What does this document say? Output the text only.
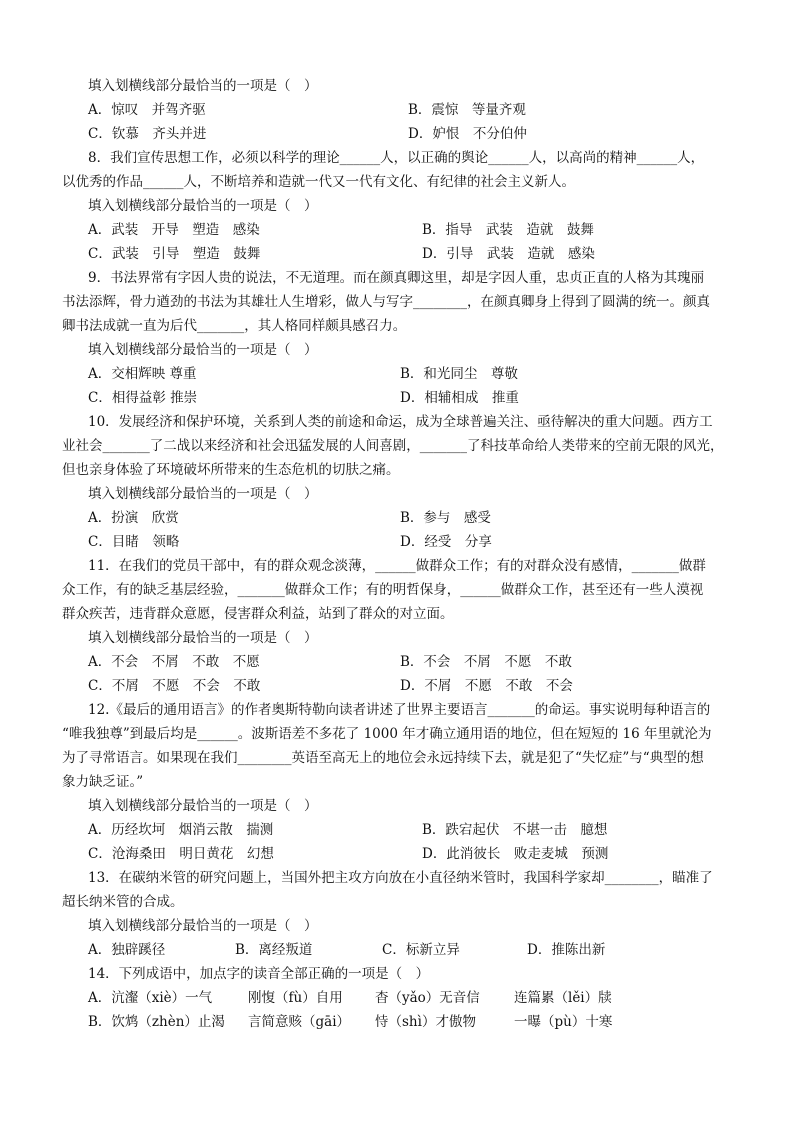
填入划横线部分最恰当的一项是（　）
A．惊叹　并驾齐驱	B．震惊　等量齐观
C．钦慕　齐头并进	D．妒恨　不分伯仲
8．我们宣传思想工作，必须以科学的理论______人，以正确的舆论______人，以高尚的精神______人，
以优秀的作品______人，不断培养和造就一代又一代有文化、有纪律的社会主义新人。
填入划横线部分最恰当的一项是（　）
A．武装　开导　塑造　感染	B．指导　武装　造就　鼓舞
C．武装　引导　塑造　鼓舞	D．引导　武装　造就　感染
9．书法界常有字因人贵的说法，不无道理。而在颜真卿这里，却是字因人重，忠贞正直的人格为其瑰丽
书法添辉，骨力遒劲的书法为其雄壮人生增彩，做人与写字________，在颜真卿身上得到了圆满的统一。颜真
卿书法成就一直为后代_______，其人格同样颇具感召力。
填入划横线部分最恰当的一项是（　）
A．交相辉映 尊重	B．和光同尘　尊敬
C．相得益彰 推崇	D．相辅相成　推重
10．发展经济和保护环境，关系到人类的前途和命运，成为全球普遍关注、亟待解决的重大问题。西方工
业社会_______了二战以来经济和社会迅猛发展的人间喜剧，_______了科技革命给人类带来的空前无限的风光，
但也亲身体验了环境破坏所带来的生态危机的切肤之痛。
填入划横线部分最恰当的一项是（　）
A．扮演　欣赏	B．参与　感受
C．目睹　领略	D．经受　分享
11．在我们的党员干部中，有的群众观念淡薄，______做群众工作；有的对群众没有感情，_______做群
众工作，有的缺乏基层经验，_______做群众工作；有的明哲保身，______做群众工作，甚至还有一些人漠视
群众疾苦，违背群众意愿，侵害群众利益，站到了群众的对立面。
填入划横线部分最恰当的一项是（　）
A．不会　不屑　不敢　不愿	B．不会　不屑　不愿　不敢
C．不屑　不愿　不会　不敢	D．不屑　不愿　不敢　不会
12.《最后的通用语言》的作者奥斯特勒向读者讲述了世界主要语言_______的命运。事实说明每种语言的
“唯我独尊”到最后均是______。波斯语差不多花了 1000 年才确立通用语的地位，但在短短的 16 年里就沦为
为了寻常语言。如果现在我们________英语至高无上的地位会永远持续下去，就是犯了“失忆症”与“典型的想
象力缺乏证。”
填入划横线部分最恰当的一项是（　）
A．历经坎坷　烟消云散　揣测	B．跌宕起伏　不堪一击　臆想
C．沧海桑田　明日黄花　幻想	D．此消彼长　败走麦城　预测
13．在碳纳米管的研究问题上，当国外把主攻方向放在小直径纳米管时，我国科学家却________，瞄准了
超长纳米管的合成。
填入划横线部分最恰当的一项是（　）
A．独辟蹊径	B．离经叛道	C．标新立异	D．推陈出新
14．下列成语中，加点字的读音全部正确的一项是（　）
A．沆瀣（xiè）一气	刚愎（fù）自用 杳（yǎo）无音信	连篇累（lěi）牍
B．饮鸩（zhèn）止渴 言简意赅（gāi） 恃（shì）才傲物	一曝（pù）十寒
